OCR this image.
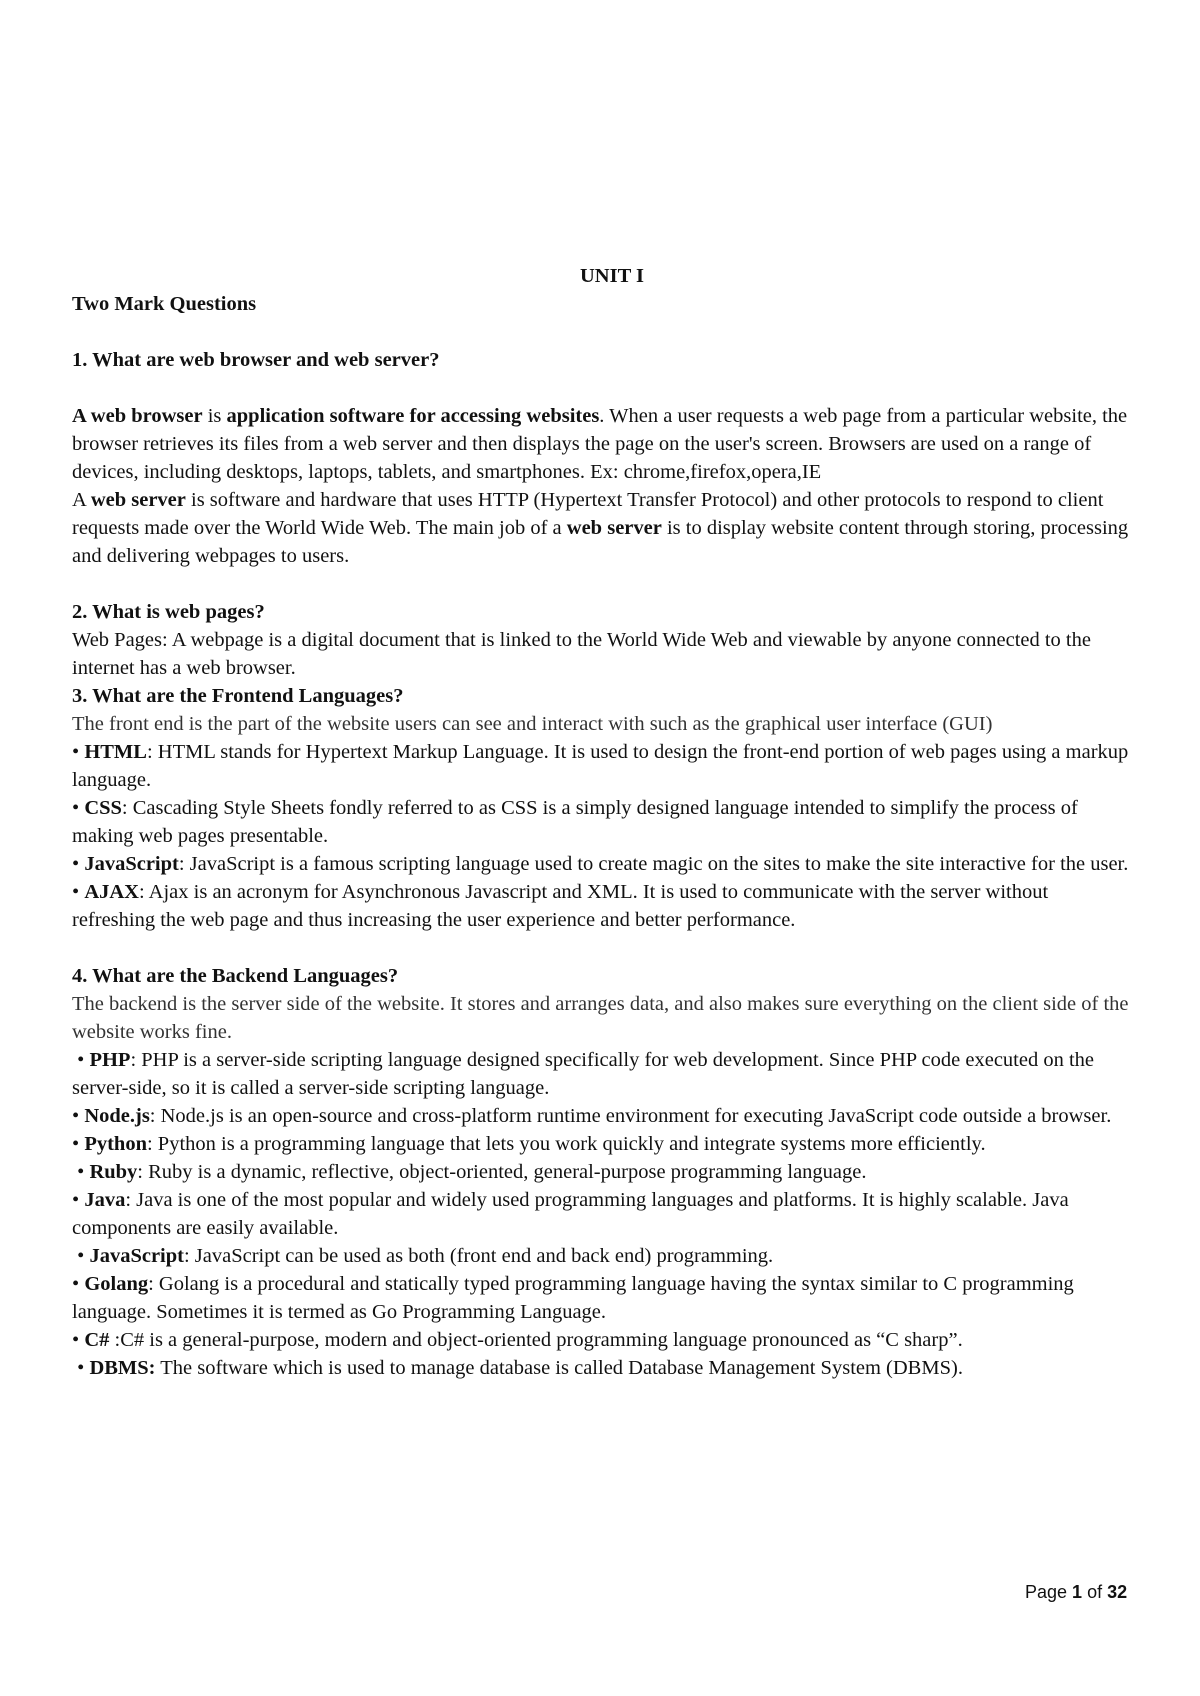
UNIT I

Two Mark Questions

1. What are web browser and web server?

A web browser is application software for accessing websites. When a user requests a web page from a particular website, the browser retrieves its files from a web server and then displays the page on the user's screen. Browsers are used on a range of devices, including desktops, laptops, tablets, and smartphones. Ex: chrome,firefox,opera,IE

A web server is software and hardware that uses HTTP (Hypertext Transfer Protocol) and other protocols to respond to client requests made over the World Wide Web. The main job of a web server is to display website content through storing, processing and delivering webpages to users.

2. What is web pages?

Web Pages: A webpage is a digital document that is linked to the World Wide Web and viewable by anyone connected to the internet has a web browser.

3. What are the Frontend Languages?

The front end is the part of the website users can see and interact with such as the graphical user interface (GUI)

• HTML: HTML stands for Hypertext Markup Language. It is used to design the front-end portion of web pages using a markup language.

• CSS: Cascading Style Sheets fondly referred to as CSS is a simply designed language intended to simplify the process of making web pages presentable.

• JavaScript: JavaScript is a famous scripting language used to create magic on the sites to make the site interactive for the user.

• AJAX: Ajax is an acronym for Asynchronous Javascript and XML. It is used to communicate with the server without refreshing the web page and thus increasing the user experience and better performance.

4. What are the Backend Languages?

The backend is the server side of the website. It stores and arranges data, and also makes sure everything on the client side of the website works fine.

• PHP: PHP is a server-side scripting language designed specifically for web development. Since PHP code executed on the server-side, so it is called a server-side scripting language.

• Node.js: Node.js is an open-source and cross-platform runtime environment for executing JavaScript code outside a browser.

• Python: Python is a programming language that lets you work quickly and integrate systems more efficiently.

• Ruby: Ruby is a dynamic, reflective, object-oriented, general-purpose programming language.

• Java: Java is one of the most popular and widely used programming languages and platforms. It is highly scalable. Java components are easily available.

• JavaScript: JavaScript can be used as both (front end and back end) programming.

• Golang: Golang is a procedural and statically typed programming language having the syntax similar to C programming language. Sometimes it is termed as Go Programming Language.

• C# :C# is a general-purpose, modern and object-oriented programming language pronounced as “C sharp”.

• DBMS: The software which is used to manage database is called Database Management System (DBMS).

Page 1 of 32
